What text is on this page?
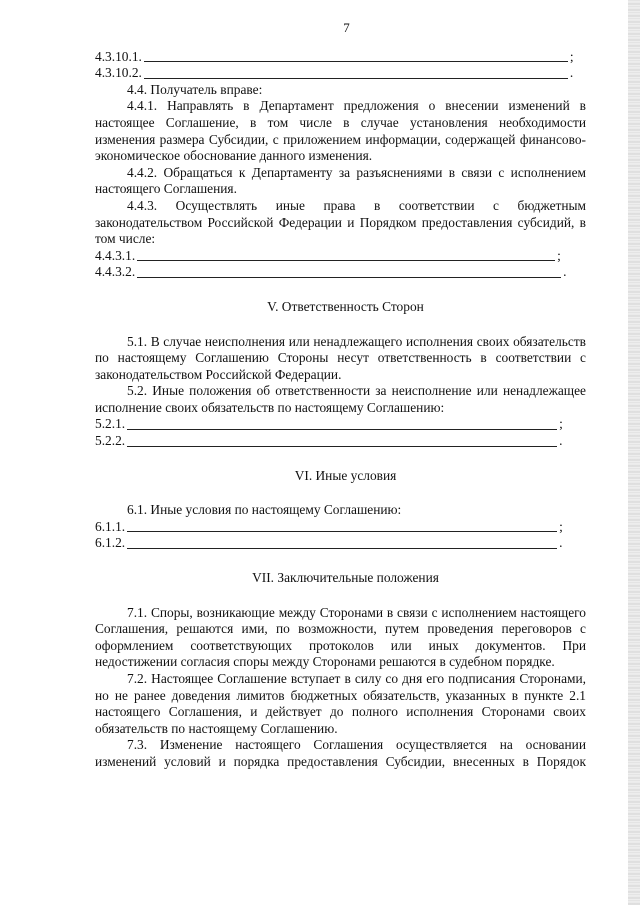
7
4.3.10.1.	;
4.3.10.2.	.

4.4. Получатель вправе:

4.4.1. Направлять в Департамент предложения о внесении изменений в настоящее Соглашение, в том числе в случае установления необходимости изменения размера Субсидии, с приложением информации, содержащей финансово-экономическое обоснование данного изменения.

4.4.2. Обращаться к Департаменту за разъяснениями в связи с исполнением настоящего Соглашения.

4.4.3. Осуществлять иные права в соответствии с бюджетным законодательством Российской Федерации и Порядком предоставления субсидий, в том числе:

4.4.3.1.	;
4.4.3.2.	.
V. Ответственность Сторон

5.1. В случае неисполнения или ненадлежащего исполнения своих обязательств по настоящему Соглашению Стороны несут ответственность в соответствии с законодательством Российской Федерации.

5.2. Иные положения об ответственности за неисполнение или ненадлежащее исполнение своих обязательств по настоящему Соглашению:

5.2.1.	;
5.2.2.	.
VI. Иные условия

6.1. Иные условия по настоящему Соглашению:

6.1.1.	;
6.1.2.	.
VII. Заключительные положения

7.1. Споры, возникающие между Сторонами в связи с исполнением настоящего Соглашения, решаются ими, по возможности, путем проведения переговоров с оформлением соответствующих протоколов или иных документов. При недостижении согласия споры между Сторонами решаются в судебном порядке.

7.2. Настоящее Соглашение вступает в силу со дня его подписания Сторонами, но не ранее доведения лимитов бюджетных обязательств, указанных в пункте 2.1 настоящего Соглашения, и действует до полного исполнения Сторонами своих обязательств по настоящему Соглашению.

7.3. Изменение настоящего Соглашения осуществляется на основании изменений условий и порядка предоставления Субсидии, внесенных в Порядок
